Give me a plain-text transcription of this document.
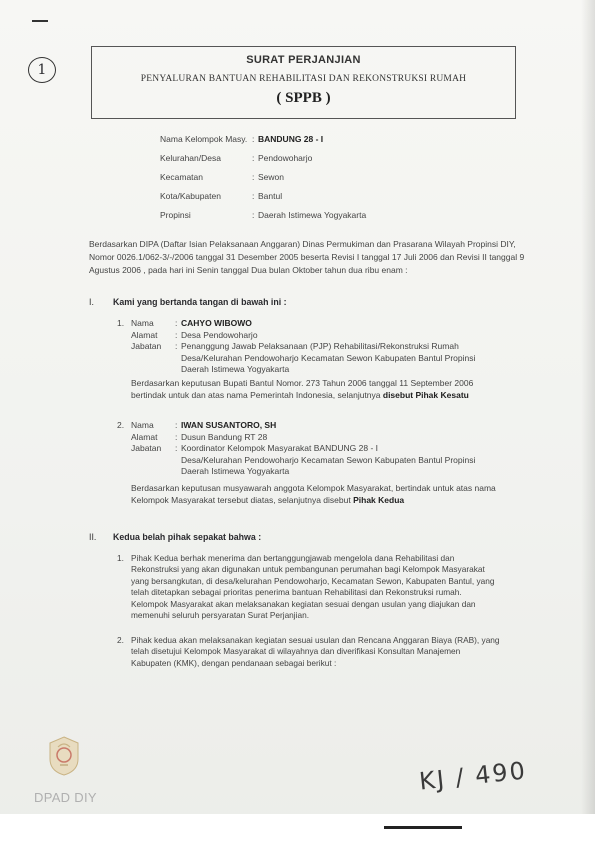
1
SURAT PERJANJIAN
PENYALURAN BANTUAN REHABILITASI DAN REKONSTRUKSI RUMAH
( SPPB )
Nama Kelompok Masy. : BANDUNG 28 - I
Kelurahan/Desa	: Pendowoharjo
Kecamatan	: Sewon
Kota/Kabupaten	: Bantul
Propinsi	: Daerah Istimewa Yogyakarta
Berdasarkan DIPA (Daftar Isian Pelaksanaan Anggaran) Dinas Permukiman dan Prasarana Wilayah Propinsi DIY, Nomor 0026.1/062-3/-/2006 tanggal 31 Desember 2005 beserta Revisi I tanggal 17 Juli 2006 dan Revisi II tanggal 9 Agustus 2006 , pada hari ini Senin tanggal Dua bulan Oktober tahun dua ribu enam :
I. Kami yang bertanda tangan di bawah ini :
1. Nama	: CAHYO WIBOWO
Alamat : Desa Pendowoharjo
Jabatan : Penanggung Jawab Pelaksanaan (PJP) Rehabilitasi/Rekonstruksi Rumah
Desa/Kelurahan Pendowoharjo Kecamatan Sewon Kabupaten Bantul Propinsi
Daerah Istimewa Yogyakarta
Berdasarkan keputusan Bupati Bantul Nomor. 273 Tahun 2006 tanggal 11 September 2006
bertindak untuk dan atas nama Pemerintah Indonesia, selanjutnya disebut Pihak Kesatu
2. Nama	: IWAN SUSANTORO, SH
Alamat : Dusun Bandung RT 28
Jabatan : Koordinator Kelompok Masyarakat BANDUNG 28 - I
Desa/Kelurahan Pendowoharjo Kecamatan Sewon Kabupaten Bantul Propinsi
Daerah Istimewa Yogyakarta
Berdasarkan keputusan musyawarah anggota Kelompok Masyarakat, bertindak untuk atas nama
Kelompok Masyarakat tersebut diatas, selanjutnya disebut Pihak Kedua
II. Kedua belah pihak sepakat bahwa :
1. Pihak Kedua berhak menerima dan bertanggungjawab mengelola dana Rehabilitasi dan
Rekonstruksi yang akan digunakan untuk pembangunan perumahan bagi Kelompok Masyarakat
yang bersangkutan, di desa/kelurahan Pendowoharjo, Kecamatan Sewon, Kabupaten Bantul, yang
telah ditetapkan sebagai prioritas penerima bantuan Rehabilitasi dan Rekonstruksi rumah.
Kelompok Masyarakat akan melaksanakan kegiatan sesuai dengan usulan yang diajukan dan
memenuhi seluruh persyaratan Surat Perjanjian.
2. Pihak kedua akan melaksanakan kegiatan sesuai usulan dan Rencana Anggaran Biaya (RAB), yang
telah disetujui Kelompok Masyarakat di wilayahnya dan diverifikasi Konsultan Manajemen
Kabupaten (KMK), dengan pendanaan sebagai berikut :
DPAD DIY
KJ / 490
